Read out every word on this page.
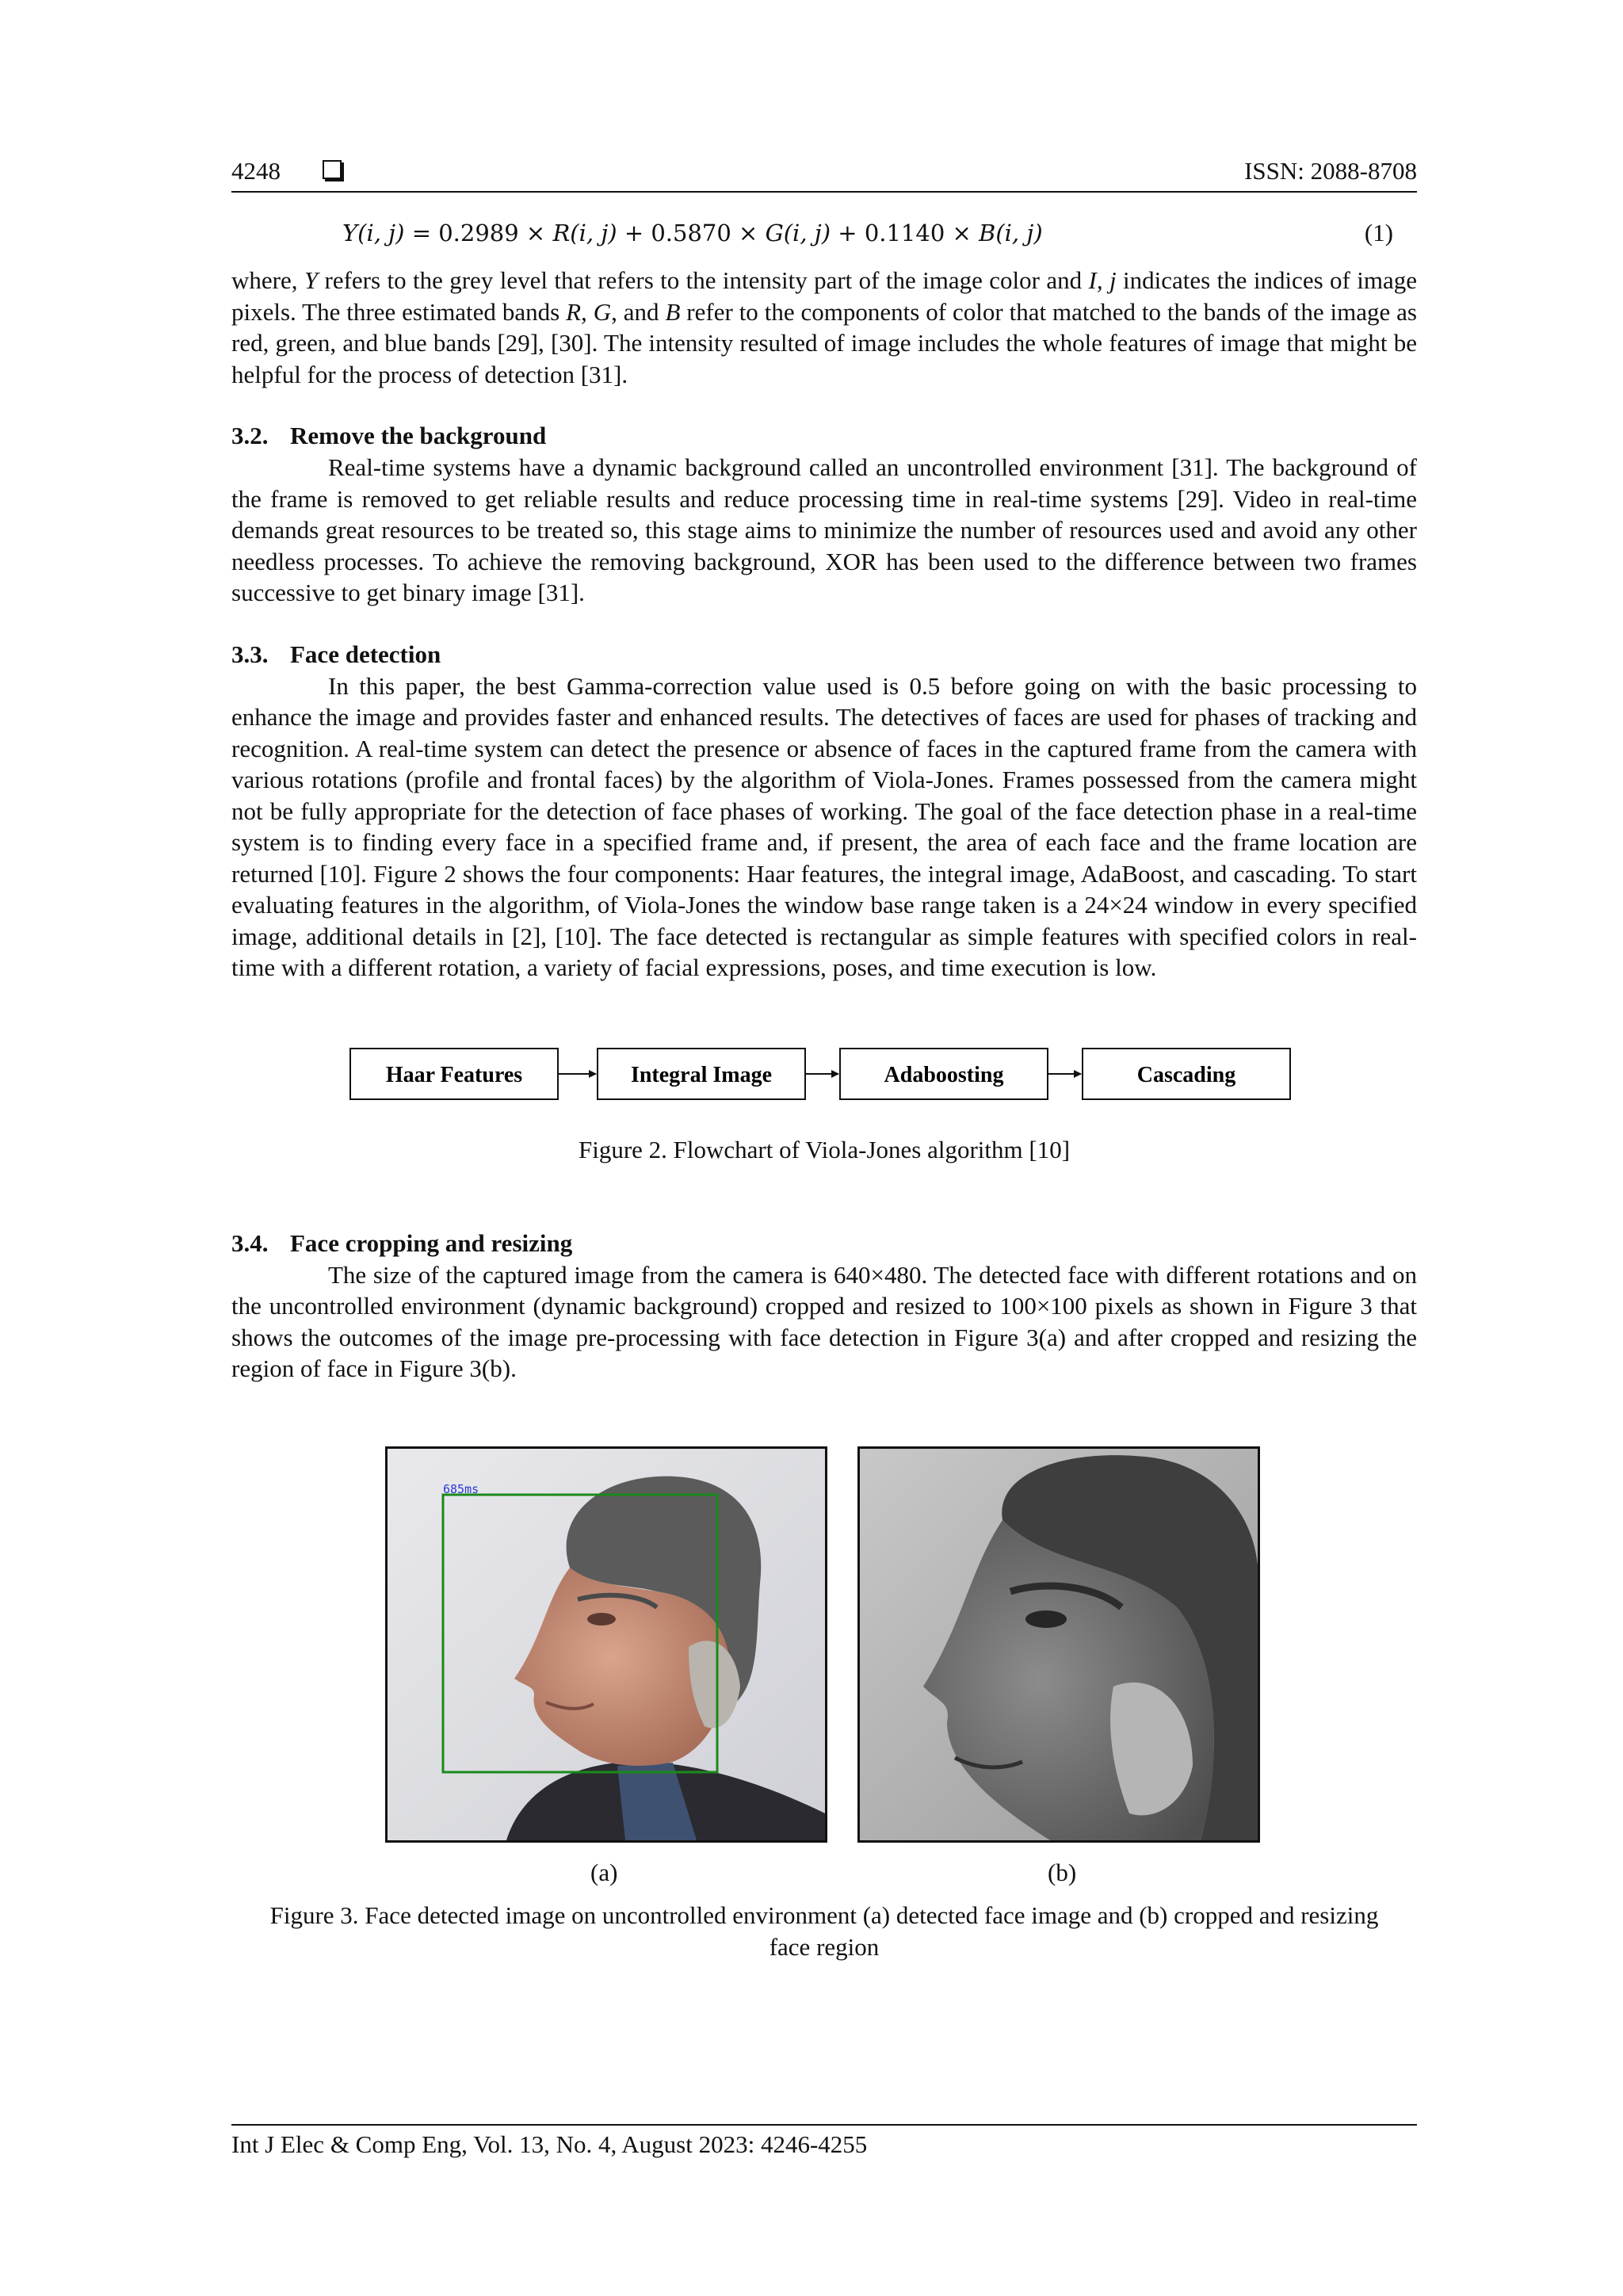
4248	ISSN: 2088-8708
Y(i, j) = 0.2989 × R(i, j) + 0.5870 × G(i, j) + 0.1140 × B(i, j)	(1)

where, Y refers to the grey level that refers to the intensity part of the image color and I, j indicates the indices of image pixels. The three estimated bands R, G, and B refer to the components of color that matched to the bands of the image as red, green, and blue bands [29], [30]. The intensity resulted of image includes the whole features of image that might be helpful for the process of detection [31].

3.2. Remove the background

Real-time systems have a dynamic background called an uncontrolled environment [31]. The background of the frame is removed to get reliable results and reduce processing time in real-time systems [29]. Video in real-time demands great resources to be treated so, this stage aims to minimize the number of resources used and avoid any other needless processes. To achieve the removing background, XOR has been used to the difference between two frames successive to get binary image [31].

3.3. Face detection

In this paper, the best Gamma-correction value used is 0.5 before going on with the basic processing to enhance the image and provides faster and enhanced results. The detectives of faces are used for phases of tracking and recognition. A real-time system can detect the presence or absence of faces in the captured frame from the camera with various rotations (profile and frontal faces) by the algorithm of Viola-Jones. Frames possessed from the camera might not be fully appropriate for the detection of face phases of working. The goal of the face detection phase in a real-time system is to finding every face in a specified frame and, if present, the area of each face and the frame location are returned [10]. Figure 2 shows the four components: Haar features, the integral image, AdaBoost, and cascading. To start evaluating features in the algorithm, of Viola-Jones the window base range taken is a 24×24 window in every specified image, additional details in [2], [10]. The face detected is rectangular as simple features with specified colors in real-time with a different rotation, a variety of facial expressions, poses, and time execution is low.

Haar Features	Integral Image	Adaboosting	Cascading
Figure 2. Flowchart of Viola-Jones algorithm [10]
3.4. Face cropping and resizing

The size of the captured image from the camera is 640×480. The detected face with different rotations and on the uncontrolled environment (dynamic background) cropped and resized to 100×100 pixels as shown in Figure 3 that shows the outcomes of the image pre-processing with face detection in Figure 3(a) and after cropped and resizing the region of face in Figure 3(b).

685ms
(a)	(b)
Figure 3. Face detected image on uncontrolled environment (a) detected face image and (b) cropped and resizing face region
Int J Elec & Comp Eng, Vol. 13, No. 4, August 2023: 4246-4255
